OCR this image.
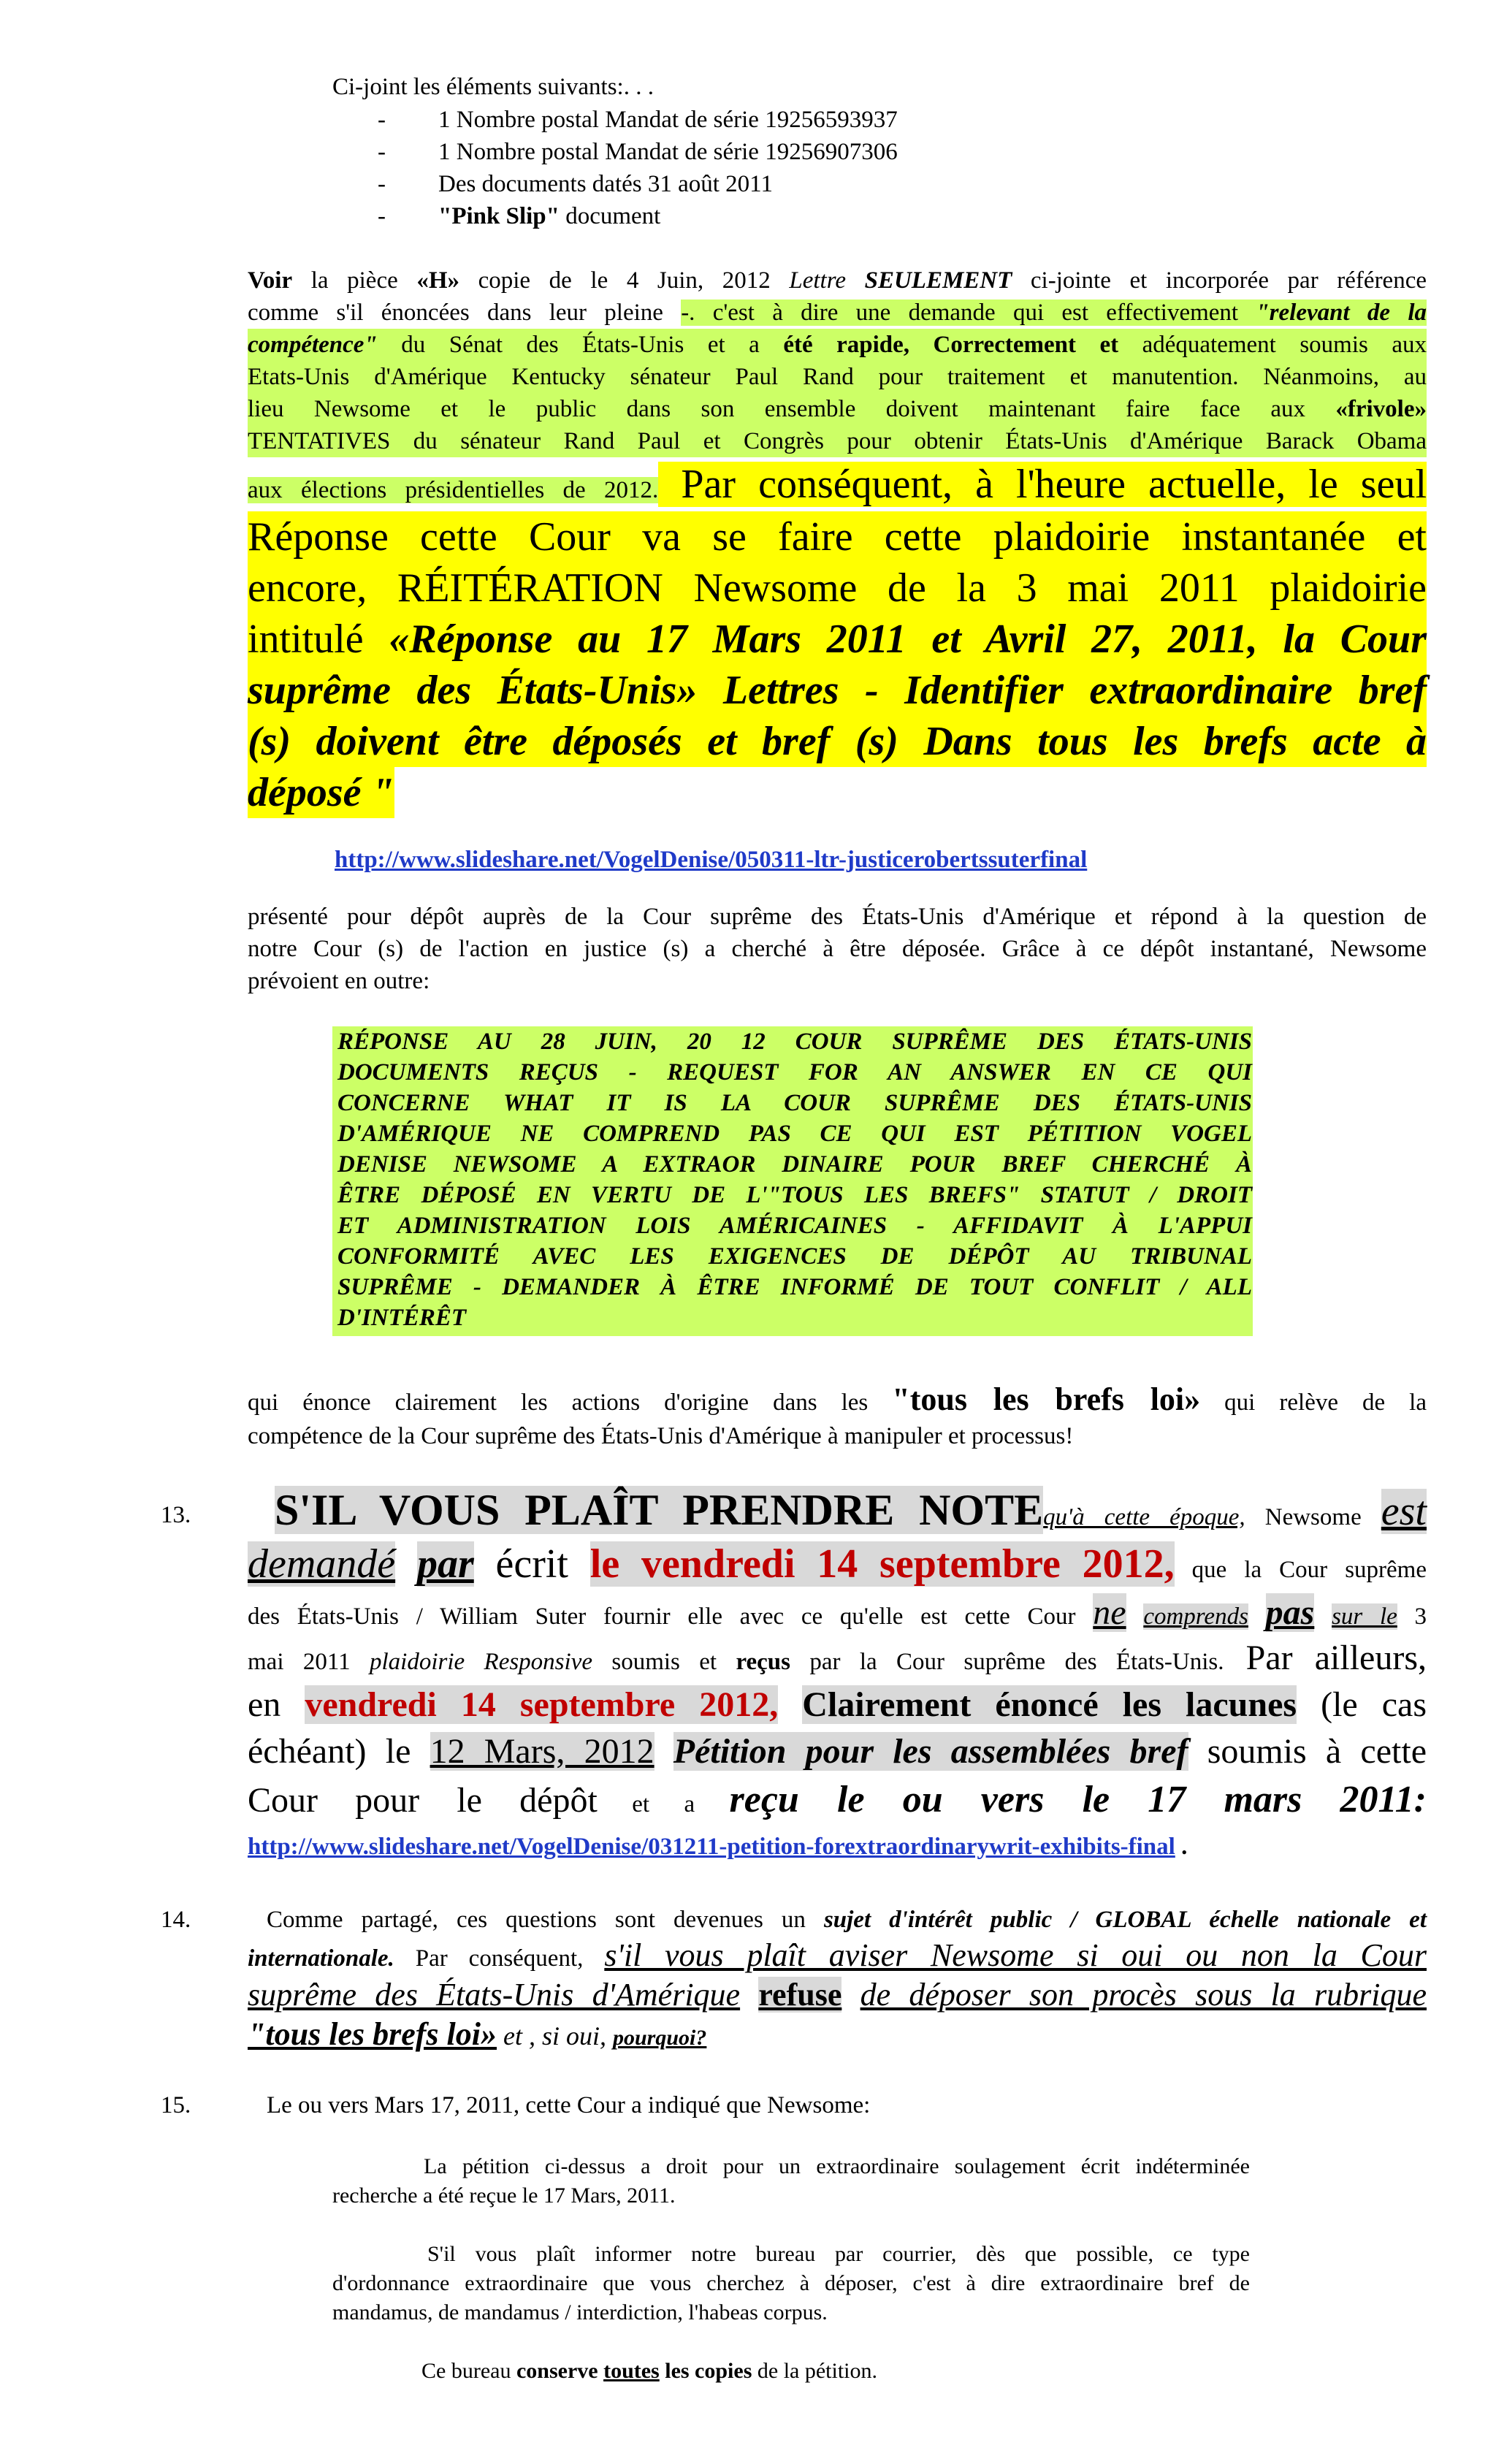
Ci-joint les éléments suivants:. . .
- 1 Nombre postal Mandat de série 19256593937
- 1 Nombre postal Mandat de série 19256907306
- Des documents datés 31 août 2011
- "Pink Slip" document
Voir la pièce «H» copie de le 4 Juin, 2012 Lettre SEULEMENT ci-jointe et incorporée par référence
comme s'il énoncées dans leur pleine -. c'est à dire une demande qui est effectivement "relevant de la
compétence" du Sénat des États-Unis et a été rapide, Correctement et adéquatement soumis aux
Etats-Unis d'Amérique Kentucky sénateur Paul Rand pour traitement et manutention. Néanmoins, au
lieu Newsome et le public dans son ensemble doivent maintenant faire face aux «frivole»
TENTATIVES du sénateur Rand Paul et Congrès pour obtenir États-Unis d'Amérique Barack Obama
aux élections présidentielles de 2012. Par conséquent, à l'heure actuelle, le seul
Réponse cette Cour va se faire cette plaidoirie instantanée et
encore, RÉITÉRATION Newsome de la 3 mai 2011 plaidoirie
intitulé «Réponse au 17 Mars 2011 et Avril 27, 2011, la Cour
suprême des États-Unis» Lettres - Identifier extraordinaire bref
(s) doivent être déposés et bref (s) Dans tous les brefs acte à
déposé "
http://www.slideshare.net/VogelDenise/050311-ltr-justicerobertssuterfinal
présenté pour dépôt auprès de la Cour suprême des États-Unis d'Amérique et répond à la question de
notre Cour (s) de l'action en justice (s) a cherché à être déposée. Grâce à ce dépôt instantané, Newsome
prévoient en outre:
RÉPONSE AU 28 JUIN, 20 12 COUR SUPRÊME DES ÉTATS-UNIS
DOCUMENTS REÇUS - REQUEST FOR AN ANSWER EN CE QUI
CONCERNE WHAT IT IS LA COUR SUPRÊME DES ÉTATS-UNIS
D'AMÉRIQUE NE COMPREND PAS CE QUI EST PÉTITION VOGEL
DENISE NEWSOME A EXTRAOR DINAIRE POUR BREF CHERCHÉ À
ÊTRE DÉPOSÉ EN VERTU DE L'"TOUS LES BREFS" STATUT / DROIT
ET ADMINISTRATION LOIS AMÉRICAINES - AFFIDAVIT À L'APPUI
CONFORMITÉ AVEC LES EXIGENCES DE DÉPÔT AU TRIBUNAL
SUPRÊME - DEMANDER À ÊTRE INFORMÉ DE TOUT CONFLIT / ALL
D'INTÉRÊT
qui énonce clairement les actions d'origine dans les "tous les brefs loi» qui relève de la
compétence de la Cour suprême des États-Unis d'Amérique à manipuler et processus!
13. S'IL VOUS PLAÎT PRENDRE NOTEqu'à cette époque, Newsome est
demandé par écrit le vendredi 14 septembre 2012, que la Cour suprême
des États-Unis / William Suter fournir elle avec ce qu'elle est cette Cour ne comprends pas sur le 3
mai 2011 plaidoirie Responsive soumis et reçus par la Cour suprême des États-Unis. Par ailleurs,
en vendredi 14 septembre 2012, Clairement énoncé les lacunes (le cas
échéant) le 12 Mars, 2012 Pétition pour les assemblées bref soumis à cette
Cour pour le dépôt et a reçu le ou vers le 17 mars 2011:
http://www.slideshare.net/VogelDenise/031211-petition-forextraordinarywrit-exhibits-final .
14.	Comme partagé, ces questions sont devenues un sujet d'intérêt public / GLOBAL échelle nationale et
internationale. Par conséquent, s'il vous plaît aviser Newsome si oui ou non la Cour
suprême des États-Unis d'Amérique refuse de déposer son procès sous la rubrique
"tous les brefs loi» et , si oui, pourquoi?
15.	Le ou vers Mars 17, 2011, cette Cour a indiqué que Newsome:
La pétition ci-dessus a droit pour un extraordinaire soulagement écrit indéterminée
recherche a été reçue le 17 Mars, 2011.
S'il vous plaît informer notre bureau par courrier, dès que possible, ce type
d'ordonnance extraordinaire que vous cherchez à déposer, c'est à dire extraordinaire bref de
mandamus, de mandamus / interdiction, l'habeas corpus.
Ce bureau conserve toutes les copies de la pétition.
